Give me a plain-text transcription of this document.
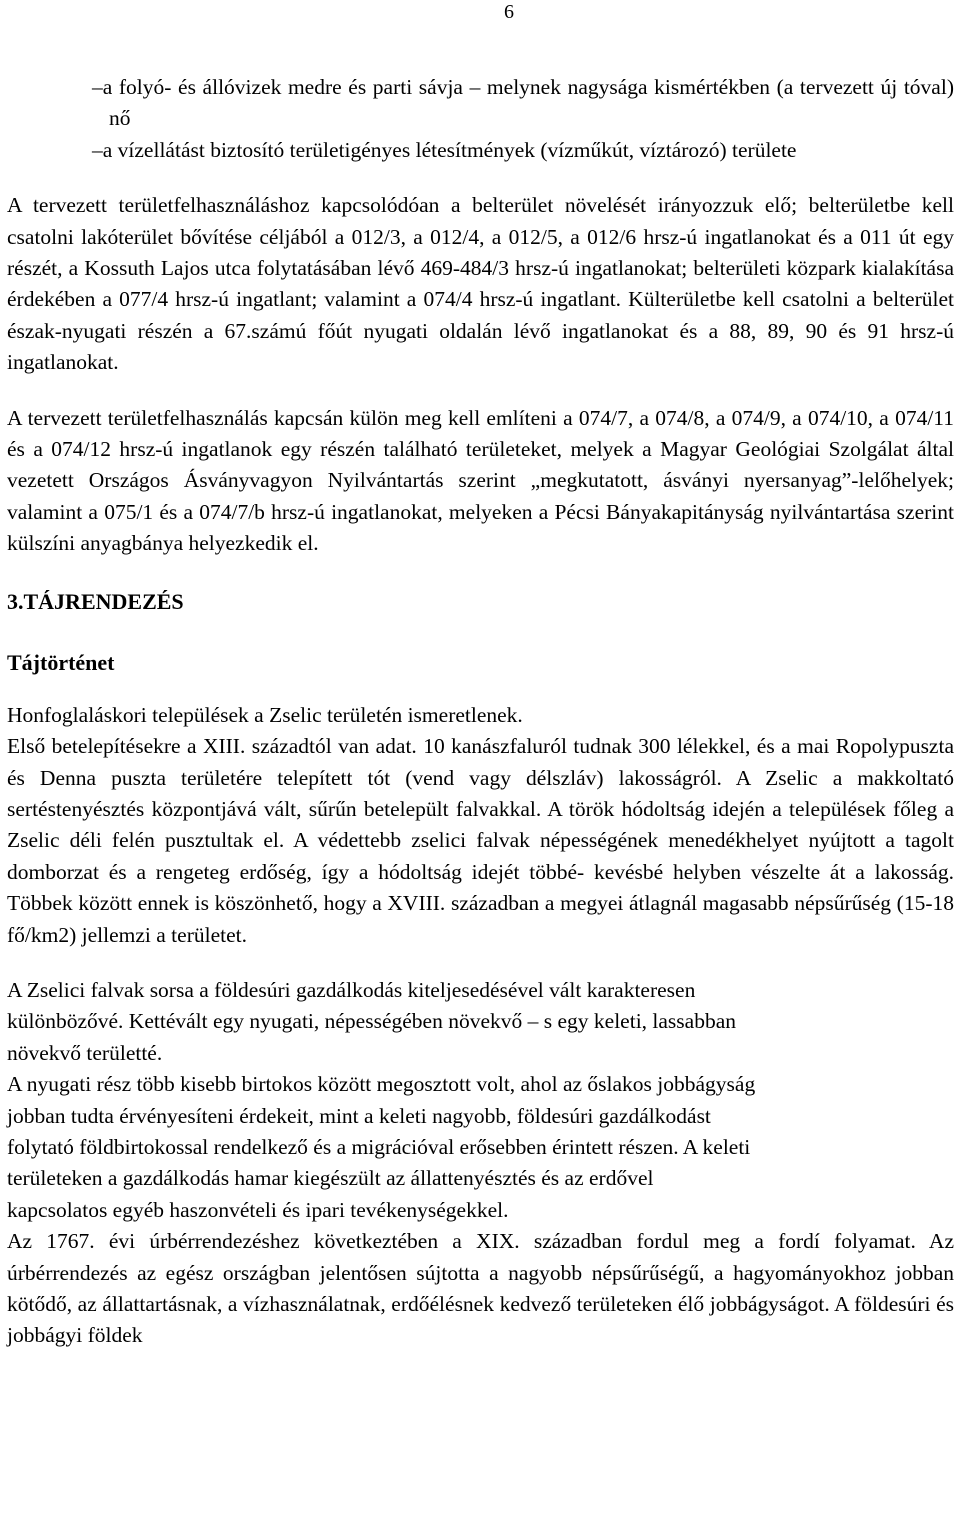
6
–a folyó- és állóvizek medre és parti sávja – melynek nagysága kismértékben (a tervezett új tóval) nő
–a vízellátást biztosító területigényes létesítmények (vízműkút, víztározó) területe

A tervezett területfelhasználáshoz kapcsolódóan a belterület növelését irányozzuk elő; belterületbe kell csatolni lakóterület bővítése céljából a 012/3, a 012/4, a 012/5, a 012/6 hrsz-ú ingatlanokat és a 011 út egy részét, a Kossuth Lajos utca folytatásában lévő 469-484/3 hrsz-ú ingatlanokat; belterületi közpark kialakítása érdekében a 077/4 hrsz-ú ingatlant; valamint a 074/4 hrsz-ú ingatlant. Külterületbe kell csatolni a belterület észak-nyugati részén a 67.számú főút nyugati oldalán lévő ingatlanokat és a 88, 89, 90 és 91 hrsz-ú ingatlanokat.

A tervezett területfelhasználás kapcsán külön meg kell említeni a 074/7, a 074/8, a 074/9, a 074/10, a 074/11 és a 074/12 hrsz-ú ingatlanok egy részén található területeket, melyek a Magyar Geológiai Szolgálat által vezetett Országos Ásványvagyon Nyilvántartás szerint „megkutatott, ásványi nyersanyag”-lelőhelyek; valamint a 075/1 és a 074/7/b hrsz-ú ingatlanokat, melyeken a Pécsi Bányakapitányság nyilvántartása szerint külszíni anyagbánya helyezkedik el.

3.TÁJRENDEZÉS
Tájtörténet

Honfoglaláskori települések a Zselic területén ismeretlenek.

Első betelepítésekre a XIII. századtól van adat. 10 kanászfaluról tudnak 300 lélekkel, és a mai Ropolypuszta és Denna puszta területére telepített tót (vend vagy délszláv) lakosságról. A Zselic a makkoltató sertéstenyésztés központjává vált, sűrűn betelepült falvakkal. A török hódoltság idején a települések főleg a Zselic déli felén pusztultak el. A védettebb zselici falvak népességének menedékhelyet nyújtott a tagolt domborzat és a rengeteg erdőség, így a hódoltság idejét többé- kevésbé helyben vészelte át a lakosság. Többek között ennek is köszönhető, hogy a XVIII. században a megyei átlagnál magasabb népsűrűség (15-18 fő/km2) jellemzi a területet.

A Zselici falvak sorsa a földesúri gazdálkodás kiteljesedésével vált karakteresen

különbözővé. Kettévált egy nyugati, népességében növekvő – s egy keleti, lassabban

növekvő területté.

A nyugati rész több kisebb birtokos között megosztott volt, ahol az őslakos jobbágyság

jobban tudta érvényesíteni érdekeit, mint a keleti nagyobb, földesúri gazdálkodást

folytató földbirtokossal rendelkező és a migrációval erősebben érintett részen. A keleti

területeken a gazdálkodás hamar kiegészült az állattenyésztés és az erdővel

kapcsolatos egyéb haszonvételi és ipari tevékenységekkel.

Az 1767. évi úrbérrendezéshez következtében a XIX. században fordul meg a fordí folyamat. Az úrbérrendezés az egész országban jelentősen sújtotta a nagyobb népsűrűségű, a hagyományokhoz jobban kötődő, az állattartásnak, a vízhasználatnak, erdőélésnek kedvező területeken élő jobbágyságot. A földesúri és jobbágyi földek
